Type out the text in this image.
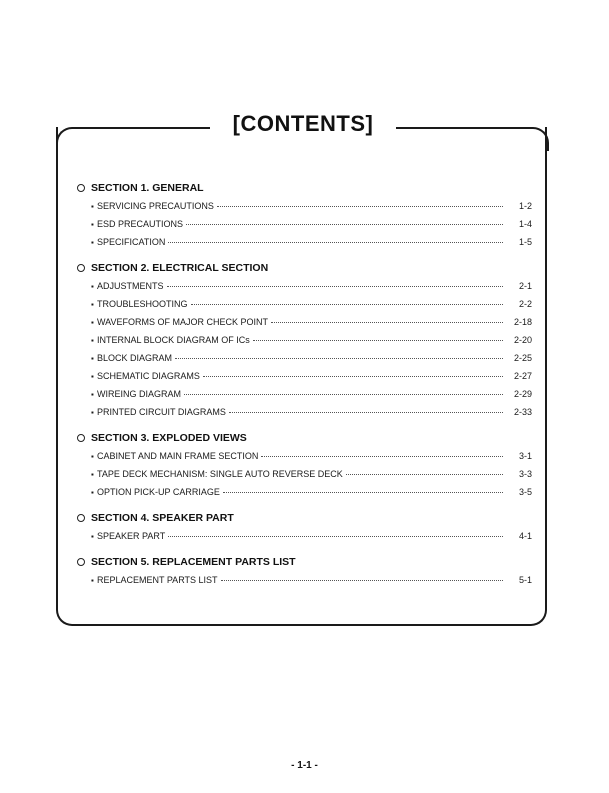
[CONTENTS]
SECTION 1. GENERAL
▪ SERVICING PRECAUTIONS	1-2
▪ ESD PRECAUTIONS	1-4
▪ SPECIFICATION	1-5
SECTION 2. ELECTRICAL SECTION
▪ ADJUSTMENTS	2-1
▪ TROUBLESHOOTING	2-2
▪ WAVEFORMS OF MAJOR CHECK POINT	2-18
▪ INTERNAL BLOCK DIAGRAM OF ICs	2-20
▪ BLOCK DIAGRAM	2-25
▪ SCHEMATIC DIAGRAMS	2-27
▪ WIREING DIAGRAM	2-29
▪ PRINTED CIRCUIT DIAGRAMS	2-33
SECTION 3. EXPLODED VIEWS
▪ CABINET AND MAIN FRAME SECTION	3-1
▪ TAPE DECK MECHANISM: SINGLE AUTO REVERSE DECK	3-3
▪ OPTION PICK-UP CARRIAGE	3-5
SECTION 4. SPEAKER PART
▪ SPEAKER PART	4-1
SECTION 5. REPLACEMENT PARTS LIST
▪ REPLACEMENT PARTS LIST	5-1
- 1-1 -
